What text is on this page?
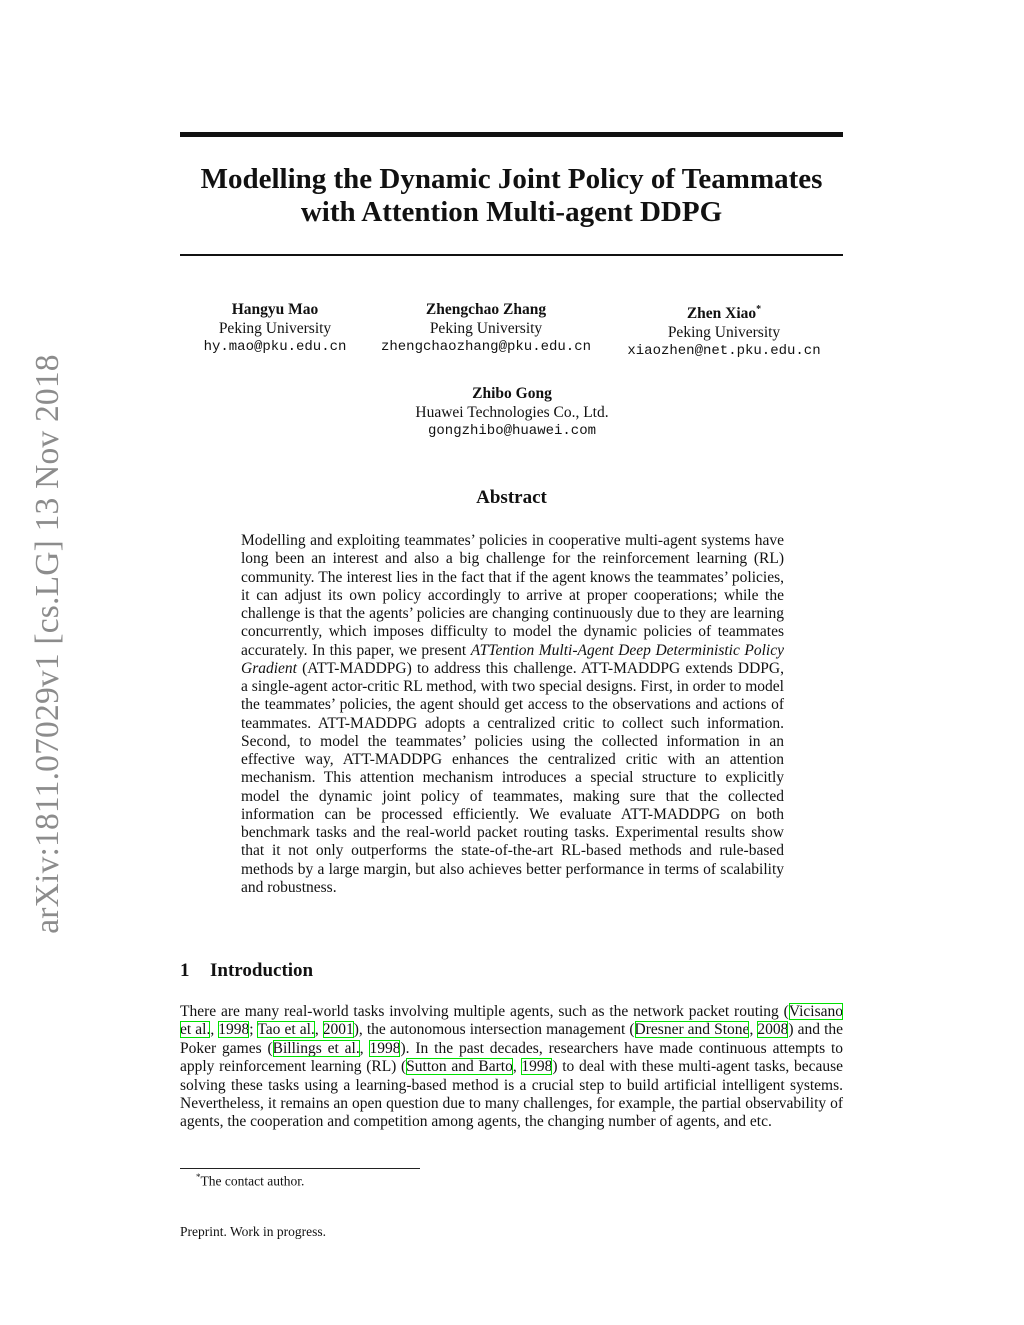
arXiv:1811.07029v1 [cs.LG] 13 Nov 2018
Modelling the Dynamic Joint Policy of Teammates
with Attention Multi-agent DDPG
Hangyu Mao
Peking University
hy.mao@pku.edu.cn
Zhengchao Zhang
Peking University
zhengchaozhang@pku.edu.cn
Zhen Xiao*
Peking University
xiaozhen@net.pku.edu.cn
Zhibo Gong
Huawei Technologies Co., Ltd.
gongzhibo@huawei.com
Abstract

Modelling and exploiting teammates’ policies in cooperative multi-agent systems have long been an interest and also a big challenge for the reinforcement learning (RL) community. The interest lies in the fact that if the agent knows the teammates’ policies, it can adjust its own policy accordingly to arrive at proper cooperations; while the challenge is that the agents’ policies are changing continuously due to they are learning concurrently, which imposes difficulty to model the dynamic policies of teammates accurately. In this paper, we present ATTention Multi-Agent Deep Deterministic Policy Gradient (ATT-MADDPG) to address this challenge. ATT-MADDPG extends DDPG, a single-agent actor-critic RL method, with two special designs. First, in order to model the teammates’ policies, the agent should get access to the observations and actions of teammates. ATT-MADDPG adopts a centralized critic to collect such information. Second, to model the teammates’ policies using the collected information in an effective way, ATT-MADDPG enhances the centralized critic with an attention mechanism. This attention mechanism introduces a special structure to explicitly model the dynamic joint policy of teammates, making sure that the collected information can be processed efficiently. We evaluate ATT-MADDPG on both benchmark tasks and the real-world packet routing tasks. Experimental results show that it not only outperforms the state-of-the-art RL-based methods and rule-based methods by a large margin, but also achieves better performance in terms of scalability and robustness.

1 Introduction

There are many real-world tasks involving multiple agents, such as the network packet routing (Vicisano et al., 1998; Tao et al., 2001), the autonomous intersection management (Dresner and Stone, 2008) and the Poker games (Billings et al., 1998). In the past decades, researchers have made continuous attempts to apply reinforcement learning (RL) (Sutton and Barto, 1998) to deal with these multi-agent tasks, because solving these tasks using a learning-based method is a crucial step to build artificial intelligent systems. Nevertheless, it remains an open question due to many challenges, for example, the partial observability of agents, the cooperation and competition among agents, the changing number of agents, and etc.

*The contact author.

Preprint. Work in progress.
